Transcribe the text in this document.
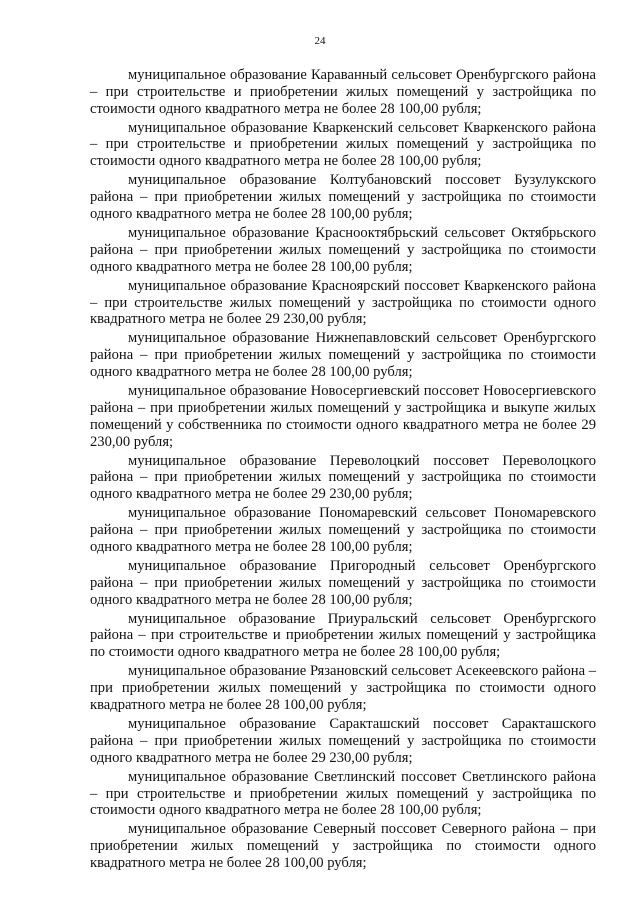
24

муниципальное образование Караванный сельсовет Оренбургского района – при строительстве и приобретении жилых помещений у застройщика по стоимости одного квадратного метра не более 28 100,00 рубля;

муниципальное образование Кваркенский сельсовет Кваркенского района – при строительстве и приобретении жилых помещений у застройщика по стоимости одного квадратного метра не более 28 100,00 рубля;

муниципальное образование Колтубановский поссовет Бузулукского района – при приобретении жилых помещений у застройщика по стоимости одного квадратного метра не более 28 100,00 рубля;

муниципальное образование Краснооктябрьский сельсовет Октябрьского района – при приобретении жилых помещений у застройщика по стоимости одного квадратного метра не более 28 100,00 рубля;

муниципальное образование Красноярский поссовет Кваркенского района – при строительстве жилых помещений у застройщика по стоимости одного квадратного метра не более 29 230,00 рубля;

муниципальное образование Нижнепавловский сельсовет Оренбургского района – при приобретении жилых помещений у застройщика по стоимости одного квадратного метра не более 28 100,00 рубля;

муниципальное образование Новосергиевский поссовет Новосергиевского района – при приобретении жилых помещений у застройщика и выкупе жилых помещений у собственника по стоимости одного квадратного метра не более 29 230,00 рубля;

муниципальное образование Переволоцкий поссовет Переволоцкого района – при приобретении жилых помещений у застройщика по стоимости одного квадратного метра не более 29 230,00 рубля;

муниципальное образование Пономаревский сельсовет Пономаревского района – при приобретении жилых помещений у застройщика по стоимости одного квадратного метра не более 28 100,00 рубля;

муниципальное образование Пригородный сельсовет Оренбургского района – при приобретении жилых помещений у застройщика по стоимости одного квадратного метра не более 28 100,00 рубля;

муниципальное образование Приуральский сельсовет Оренбургского района – при строительстве и приобретении жилых помещений у застройщика по стоимости одного квадратного метра не более 28 100,00 рубля;

муниципальное образование Рязановский сельсовет Асекеевского района – при приобретении жилых помещений у застройщика по стоимости одного квадратного метра не более 28 100,00 рубля;

муниципальное образование Саракташский поссовет Саракташского района – при приобретении жилых помещений у застройщика по стоимости одного квадратного метра не более 29 230,00 рубля;

муниципальное образование Светлинский поссовет Светлинского района – при строительстве и приобретении жилых помещений у застройщика по стоимости одного квадратного метра не более 28 100,00 рубля;

муниципальное образование Северный поссовет Северного района – при приобретении жилых помещений у застройщика по стоимости одного квадратного метра не более 28 100,00 рубля;
